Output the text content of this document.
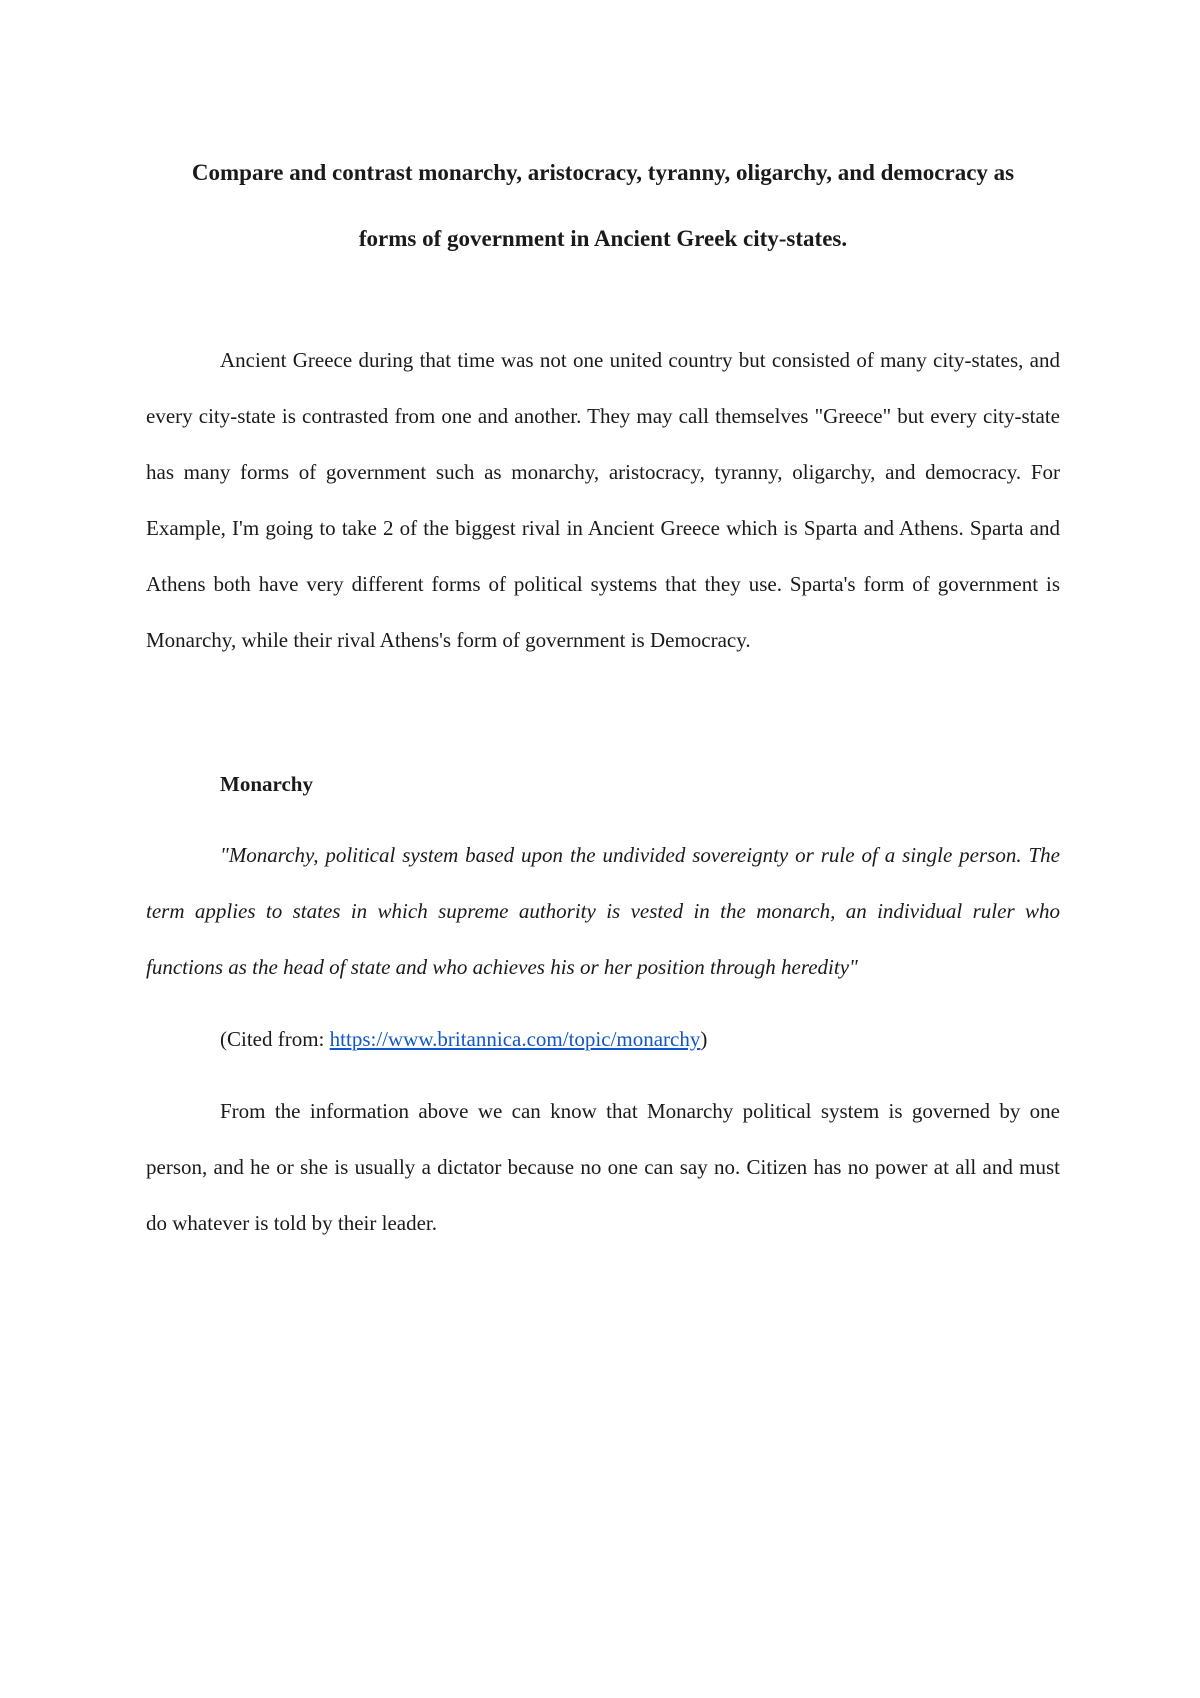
Compare and contrast monarchy, aristocracy, tyranny, oligarchy, and democracy as forms of government in Ancient Greek city-states.

Ancient Greece during that time was not one united country but consisted of many city-states, and every city-state is contrasted from one and another. They may call themselves "Greece" but every city-state has many forms of government such as monarchy, aristocracy, tyranny, oligarchy, and democracy. For Example, I'm going to take 2 of the biggest rival in Ancient Greece which is Sparta and Athens. Sparta and Athens both have very different forms of political systems that they use. Sparta's form of government is Monarchy, while their rival Athens's form of government is Democracy.

Monarchy

"Monarchy, political system based upon the undivided sovereignty or rule of a single person. The term applies to states in which supreme authority is vested in the monarch, an individual ruler who functions as the head of state and who achieves his or her position through heredity"

(Cited from: https://www.britannica.com/topic/monarchy)

From the information above we can know that Monarchy political system is governed by one person, and he or she is usually a dictator because no one can say no. Citizen has no power at all and must do whatever is told by their leader.
